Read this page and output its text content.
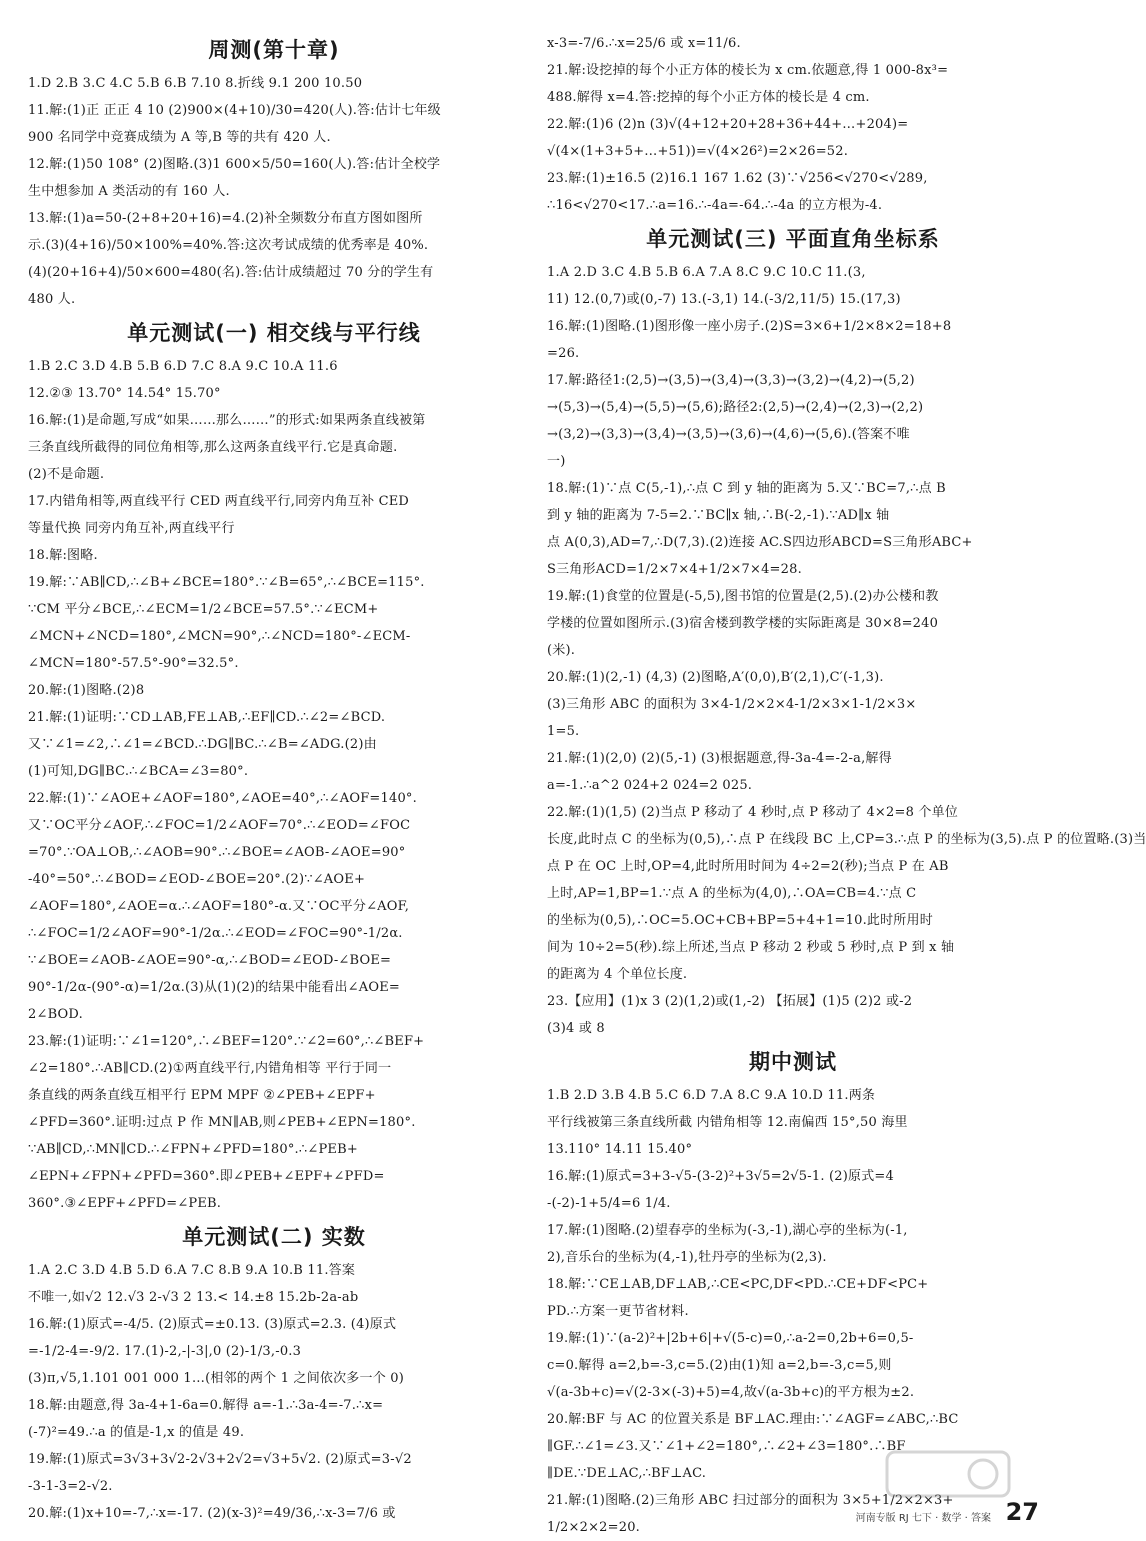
周测(第十章)
1.D 2.B 3.C 4.C 5.B 6.B 7.10 8.折线 9.1 200 10.50
11.解:(1)正 正正 4 10 (2)900×(4+10)/30=420(人).答:估计七年级
900 名同学中竞赛成绩为 A 等,B 等的共有 420 人.
12.解:(1)50 108° (2)图略.(3)1 600×5/50=160(人).答:估计全校学
生中想参加 A 类活动的有 160 人.
13.解:(1)a=50-(2+8+20+16)=4.(2)补全频数分布直方图如图所
示.(3)(4+16)/50×100%=40%.答:这次考试成绩的优秀率是 40%.
(4)(20+16+4)/50×600=480(名).答:估计成绩超过 70 分的学生有
480 人.
单元测试(一) 相交线与平行线
1.B 2.C 3.D 4.B 5.B 6.D 7.C 8.A 9.C 10.A 11.6
12.②③ 13.70° 14.54° 15.70°
16.解:(1)是命题,写成“如果……那么……”的形式:如果两条直线被第
三条直线所截得的同位角相等,那么这两条直线平行.它是真命题.
(2)不是命题.
17.内错角相等,两直线平行 CED 两直线平行,同旁内角互补 CED
等量代换 同旁内角互补,两直线平行
18.解:图略.
19.解:∵AB∥CD,∴∠B+∠BCE=180°.∵∠B=65°,∴∠BCE=115°.
∵CM 平分∠BCE,∴∠ECM=1/2∠BCE=57.5°.∵∠ECM+
∠MCN+∠NCD=180°,∠MCN=90°,∴∠NCD=180°-∠ECM-
∠MCN=180°-57.5°-90°=32.5°.
20.解:(1)图略.(2)8
21.解:(1)证明:∵CD⊥AB,FE⊥AB,∴EF∥CD.∴∠2=∠BCD.
又∵∠1=∠2,∴∠1=∠BCD.∴DG∥BC.∴∠B=∠ADG.(2)由
(1)可知,DG∥BC.∴∠BCA=∠3=80°.
22.解:(1)∵∠AOE+∠AOF=180°,∠AOE=40°,∴∠AOF=140°.
又∵OC平分∠AOF,∴∠FOC=1/2∠AOF=70°.∴∠EOD=∠FOC
=70°.∵OA⊥OB,∴∠AOB=90°.∴∠BOE=∠AOB-∠AOE=90°
-40°=50°.∴∠BOD=∠EOD-∠BOE=20°.(2)∵∠AOE+
∠AOF=180°,∠AOE=α.∴∠AOF=180°-α.又∵OC平分∠AOF,
∴∠FOC=1/2∠AOF=90°-1/2α.∴∠EOD=∠FOC=90°-1/2α.
∵∠BOE=∠AOB-∠AOE=90°-α,∴∠BOD=∠EOD-∠BOE=
90°-1/2α-(90°-α)=1/2α.(3)从(1)(2)的结果中能看出∠AOE=
2∠BOD.
23.解:(1)证明:∵∠1=120°,∴∠BEF=120°.∵∠2=60°,∴∠BEF+
∠2=180°.∴AB∥CD.(2)①两直线平行,内错角相等 平行于同一
条直线的两条直线互相平行 EPM MPF ②∠PEB+∠EPF+
∠PFD=360°.证明:过点 P 作 MN∥AB,则∠PEB+∠EPN=180°.
∵AB∥CD,∴MN∥CD.∴∠FPN+∠PFD=180°.∴∠PEB+
∠EPN+∠FPN+∠PFD=360°.即∠PEB+∠EPF+∠PFD=
360°.③∠EPF+∠PFD=∠PEB.
单元测试(二) 实数
1.A 2.C 3.D 4.B 5.D 6.A 7.C 8.B 9.A 10.B 11.答案
不唯一,如√2 12.√3 2-√3 2 13.< 14.±8 15.2b-2a-ab
16.解:(1)原式=-4/5. (2)原式=±0.13. (3)原式=2.3. (4)原式
=-1/2-4=-9/2. 17.(1)-2,-|-3|,0 (2)-1/3,-0.3
(3)π,√5,1.101 001 000 1…(相邻的两个 1 之间依次多一个 0)
18.解:由题意,得 3a-4+1-6a=0.解得 a=-1.∴3a-4=-7.∴x=
(-7)²=49.∴a 的值是-1,x 的值是 49.
19.解:(1)原式=3√3+3√2-2√3+2√2=√3+5√2. (2)原式=3-√2
-3-1-3=2-√2.
20.解:(1)x+10=-7,∴x=-17. (2)(x-3)²=49/36,∴x-3=7/6 或
x-3=-7/6.∴x=25/6 或 x=11/6.
21.解:设挖掉的每个小正方体的棱长为 x cm.依题意,得 1 000-8x³=
488.解得 x=4.答:挖掉的每个小正方体的棱长是 4 cm.
22.解:(1)6 (2)n (3)√(4+12+20+28+36+44+…+204)=
√(4×(1+3+5+…+51))=√(4×26²)=2×26=52.
23.解:(1)±16.5 (2)16.1 167 1.62 (3)∵√256<√270<√289,
∴16<√270<17.∴a=16.∴-4a=-64.∴-4a 的立方根为-4.
单元测试(三) 平面直角坐标系
1.A 2.D 3.C 4.B 5.B 6.A 7.A 8.C 9.C 10.C 11.(3,
11) 12.(0,7)或(0,-7) 13.(-3,1) 14.(-3/2,11/5) 15.(17,3)
16.解:(1)图略.(1)图形像一座小房子.(2)S=3×6+1/2×8×2=18+8
=26.
17.解:路径1:(2,5)→(3,5)→(3,4)→(3,3)→(3,2)→(4,2)→(5,2)
→(5,3)→(5,4)→(5,5)→(5,6);路径2:(2,5)→(2,4)→(2,3)→(2,2)
→(3,2)→(3,3)→(3,4)→(3,5)→(3,6)→(4,6)→(5,6).(答案不唯
一)
18.解:(1)∵点 C(5,-1),∴点 C 到 y 轴的距离为 5.又∵BC=7,∴点 B
到 y 轴的距离为 7-5=2.∵BC∥x 轴,∴B(-2,-1).∵AD∥x 轴
点 A(0,3),AD=7,∴D(7,3).(2)连接 AC.S四边形ABCD=S三角形ABC+
S三角形ACD=1/2×7×4+1/2×7×4=28.
19.解:(1)食堂的位置是(-5,5),图书馆的位置是(2,5).(2)办公楼和教
学楼的位置如图所示.(3)宿舍楼到教学楼的实际距离是 30×8=240
(米).
20.解:(1)(2,-1) (4,3) (2)图略,A′(0,0),B′(2,1),C′(-1,3).
(3)三角形 ABC 的面积为 3×4-1/2×2×4-1/2×3×1-1/2×3×
1=5.
21.解:(1)(2,0) (2)(5,-1) (3)根据题意,得-3a-4=-2-a,解得
a=-1.∴a^2 024+2 024=2 025.
22.解:(1)(1,5) (2)当点 P 移动了 4 秒时,点 P 移动了 4×2=8 个单位
长度,此时点 C 的坐标为(0,5),∴点 P 在线段 BC 上,CP=3.∴点 P 的坐标为(3,5).点 P 的位置略.(3)当
点 P 在 OC 上时,OP=4,此时所用时间为 4÷2=2(秒);当点 P 在 AB
上时,AP=1,BP=1.∵点 A 的坐标为(4,0),∴OA=CB=4.∵点 C
的坐标为(0,5),∴OC=5.OC+CB+BP=5+4+1=10.此时所用时
间为 10÷2=5(秒).综上所述,当点 P 移动 2 秒或 5 秒时,点 P 到 x 轴
的距离为 4 个单位长度.
23.【应用】(1)x 3 (2)(1,2)或(1,-2) 【拓展】(1)5 (2)2 或-2
(3)4 或 8
期中测试
1.B 2.D 3.B 4.B 5.C 6.D 7.A 8.C 9.A 10.D 11.两条
平行线被第三条直线所截 内错角相等 12.南偏西 15°,50 海里
13.110° 14.11 15.40°
16.解:(1)原式=3+3-√5-(3-2)²+3√5=2√5-1. (2)原式=4
-(-2)-1+5/4=6 1/4.
17.解:(1)图略.(2)望春亭的坐标为(-3,-1),湖心亭的坐标为(-1,
2),音乐台的坐标为(4,-1),牡丹亭的坐标为(2,3).
18.解:∵CE⊥AB,DF⊥AB,∴CE<PC,DF<PD.∴CE+DF<PC+
PD.∴方案一更节省材料.
19.解:(1)∵(a-2)²+|2b+6|+√(5-c)=0,∴a-2=0,2b+6=0,5-
c=0.解得 a=2,b=-3,c=5.(2)由(1)知 a=2,b=-3,c=5,则
√(a-3b+c)=√(2-3×(-3)+5)=4,故√(a-3b+c)的平方根为±2.
20.解:BF 与 AC 的位置关系是 BF⊥AC.理由:∵∠AGF=∠ABC,∴BC
∥GF.∴∠1=∠3.又∵∠1+∠2=180°,∴∠2+∠3=180°.∴BF
∥DE.∵DE⊥AC,∴BF⊥AC.
21.解:(1)图略.(2)三角形 ABC 扫过部分的面积为 3×5+1/2×2×3+
1/2×2×2=20.
河南专版 RJ 七下 · 数学 · 答案 27
